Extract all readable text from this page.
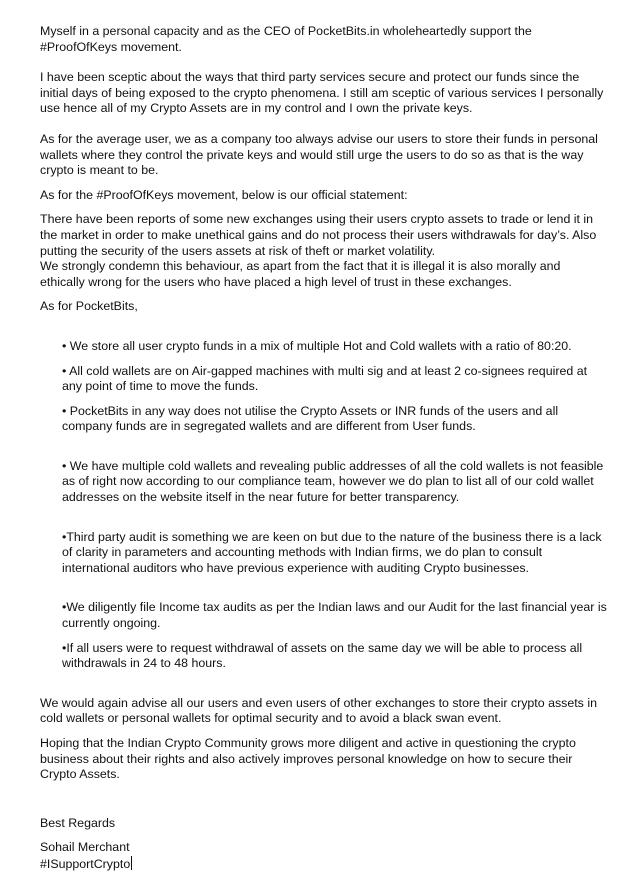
Myself in a personal capacity and as the CEO of PocketBits.in wholeheartedly support the #ProofOfKeys movement.

I have been sceptic about the ways that third party services secure and protect our funds since the initial days of being exposed to the crypto phenomena. I still am sceptic of various services I personally use hence all of my Crypto Assets are in my control and I own the private keys.

As for the average user, we as a company too always advise our users to store their funds in personal wallets where they control the private keys and would still urge the users to do so as that is the way crypto is meant to be.

As for the #ProofOfKeys movement, below is our official statement:

There have been reports of some new exchanges using their users crypto assets to trade or lend it in the market in order to make unethical gains and do not process their users withdrawals for day’s. Also putting the security of the users assets at risk of theft or market volatility.

We strongly condemn this behaviour, as apart from the fact that it is illegal it is also morally and ethically wrong for the users who have placed a high level of trust in these exchanges.

As for PocketBits,

• We store all user crypto funds in a mix of multiple Hot and Cold wallets with a ratio of 80:20.

• All cold wallets are on Air-gapped machines with multi sig and at least 2 co-signees required at any point of time to move the funds.

• PocketBits in any way does not utilise the Crypto Assets or INR funds of the users and all company funds are in segregated wallets and are different from User funds.

• We have multiple cold wallets and revealing public addresses of all the cold wallets is not feasible as of right now according to our compliance team, however we do plan to list all of our cold wallet addresses on the website itself in the near future for better transparency.

•Third party audit is something we are keen on but due to the nature of the business there is a lack of clarity in parameters and accounting methods with Indian firms, we do plan to consult international auditors who have previous experience with auditing Crypto businesses.

•We diligently file Income tax audits as per the Indian laws and our Audit for the last financial year is currently ongoing.

•If all users were to request withdrawal of assets on the same day we will be able to process all withdrawals in 24 to 48 hours.

We would again advise all our users and even users of other exchanges to store their crypto assets in cold wallets or personal wallets for optimal security and to avoid a black swan event.

Hoping that the Indian Crypto Community grows more diligent and active in questioning the crypto business about their rights and also actively improves personal knowledge on how to secure their Crypto Assets.

Best Regards

Sohail Merchant

#ISupportCrypto
